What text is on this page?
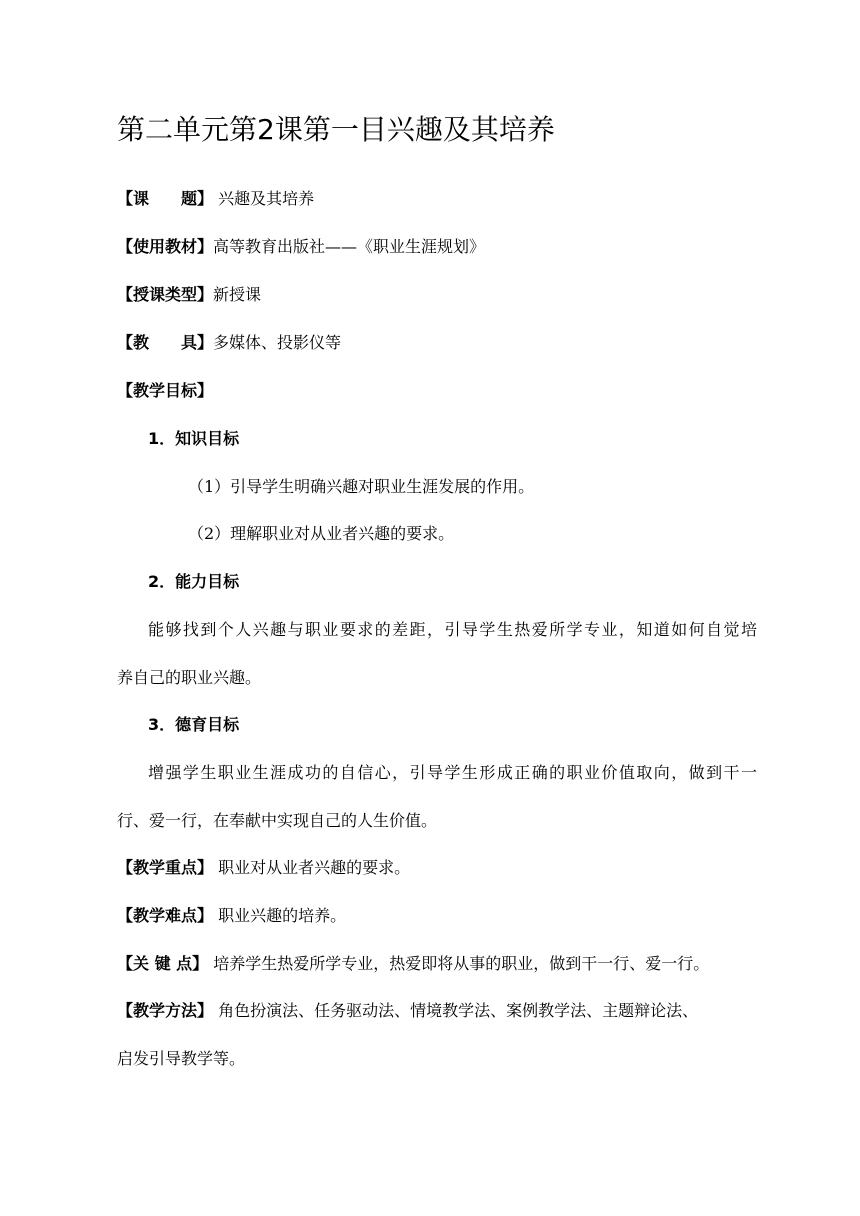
第二单元第2课第一目兴趣及其培养
【课　　题】 兴趣及其培养
【使用教材】高等教育出版社——《职业生涯规划》
【授课类型】新授课
【教　　具】多媒体、投影仪等
【教学目标】
1．知识目标
（1）引导学生明确兴趣对职业生涯发展的作用。
（2）理解职业对从业者兴趣的要求。
2．能力目标
能够找到个人兴趣与职业要求的差距，引导学生热爱所学专业，知道如何自觉培
养自己的职业兴趣。
3．德育目标
增强学生职业生涯成功的自信心，引导学生形成正确的职业价值取向，做到干一
行、爱一行，在奉献中实现自己的人生价值。
【教学重点】 职业对从业者兴趣的要求。
【教学难点】 职业兴趣的培养。
【关 键 点】 培养学生热爱所学专业，热爱即将从事的职业，做到干一行、爱一行。
【教学方法】 角色扮演法、任务驱动法、情境教学法、案例教学法、主题辩论法、
启发引导教学等。
